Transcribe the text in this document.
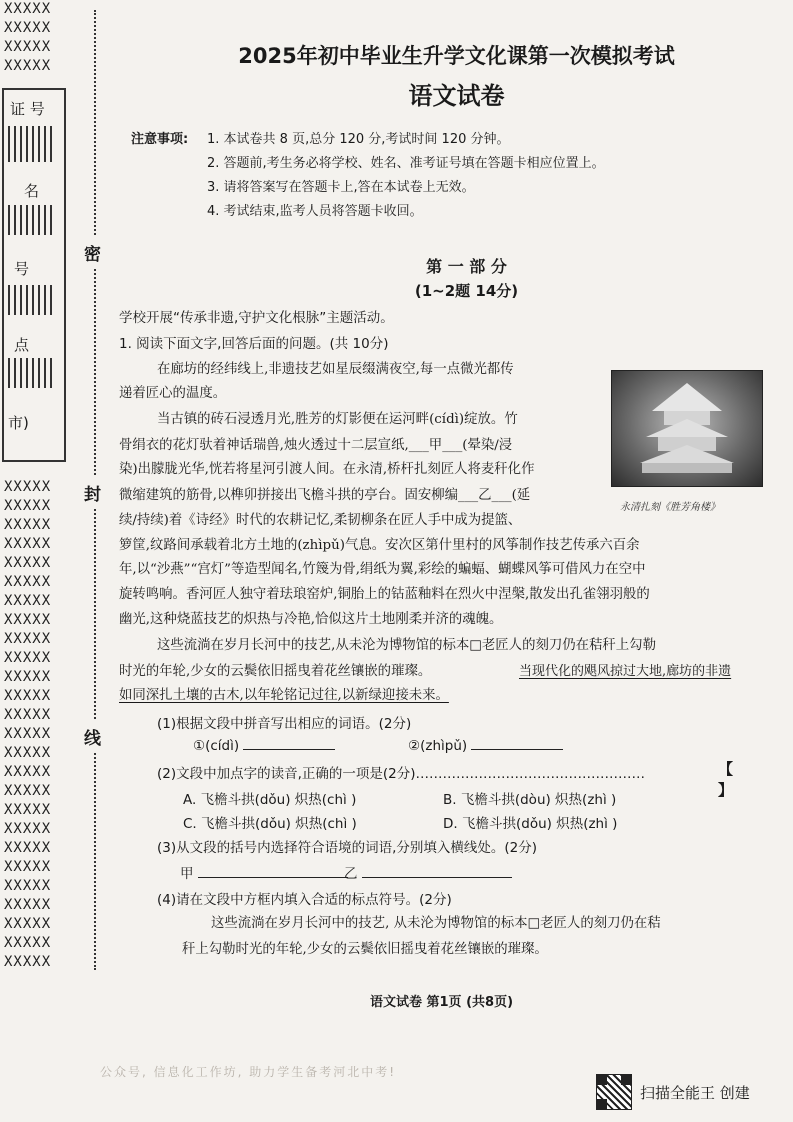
XXXXX
XXXXX
XXXXX
XXXXX
证 号
名
号
点
市)
XXXXX
XXXXX
XXXXX
XXXXX
XXXXX
XXXXX
XXXXX
XXXXX
XXXXX
XXXXX
XXXXX
XXXXX
XXXXX
XXXXX
XXXXX
XXXXX
XXXXX
XXXXX
XXXXX
XXXXX
XXXXX
XXXXX
XXXXX
XXXXX
XXXXX
XXXXX
密
封
线
2025年初中毕业生升学文化课第一次模拟考试
语文试卷
注意事项: 1. 本试卷共 8 页,总分 120 分,考试时间 120 分钟。
2. 答题前,考生务必将学校、姓名、准考证号填在答题卡相应位置上。
3. 请将答案写在答题卡上,答在本试卷上无效。
4. 考试结束,监考人员将答题卡收回。
第 一 部 分
(1~2题 14分)
学校开展“传承非遗,守护文化根脉”主题活动。
1. 阅读下面文字,回答后面的问题。(共 10分)
在廊坊的经纬线上,非遗技艺如星辰缀满夜空,每一点微光都传
递着匠心的温度。
当古镇的砖石浸透月光,胜芳的灯影便在运河畔(cídì)绽放。竹
骨绢衣的花灯驮着神话瑞兽,烛火透过十二层宣纸,___甲___(晕染/浸
染)出朦胧光华,恍若将星河引渡人间。在永清,桥杆扎刻匠人将麦秆化作
微缩建筑的筋骨,以榫卯拼接出飞檐斗拱的亭台。固安柳编___乙___(延
续/持续)着《诗经》时代的农耕记忆,柔韧柳条在匠人手中成为提篮、
箩筐,纹路间承载着北方土地的(zhìpǔ)气息。安次区第什里村的风筝制作技艺传承六百余
年,以“沙燕”“宫灯”等造型闻名,竹篾为骨,绢纸为翼,彩绘的蝙蝠、蝴蝶风筝可借风力在空中
旋转鸣响。香河匠人独守着珐琅窑炉,铜胎上的钴蓝釉料在烈火中涅槃,散发出孔雀翎羽般的
幽光,这种烧蓝技艺的炽热与冷艳,恰似这片土地刚柔并济的魂魄。
这些流淌在岁月长河中的技艺,从未沦为博物馆的标本□老匠人的刻刀仍在秸秆上勾勒
时光的年轮,少女的云鬓依旧摇曳着花丝镶嵌的璀璨。	当现代化的飓风掠过大地,廊坊的非遗
如同深扎土壤的古木,以年轮铭记过往,以新绿迎接未来。
永清扎刻《胜芳角楼》
(1)根据文段中拼音写出相应的词语。(2分)
①(cídì)	②(zhìpǔ)
(2)文段中加点字的读音,正确的一项是(2分)……………………………………………	【 】
A. 飞檐斗拱(dǒu) 炽热(chì )	B. 飞檐斗拱(dòu) 炽热(zhì )
C. 飞檐斗拱(dǒu) 炽热(chì )	D. 飞檐斗拱(dǒu) 炽热(zhì )
(3)从文段的括号内选择符合语境的词语,分别填入横线处。(2分)
甲	乙
(4)请在文段中方框内填入合适的标点符号。(2分)
这些流淌在岁月长河中的技艺, 从未沦为博物馆的标本□老匠人的刻刀仍在秸
秆上勾勒时光的年轮,少女的云鬓依旧摇曳着花丝镶嵌的璀璨。
语文试卷 第1页 (共8页)
公众号, 信息化工作坊, 助力学生备考河北中考!
扫描全能王 创建
